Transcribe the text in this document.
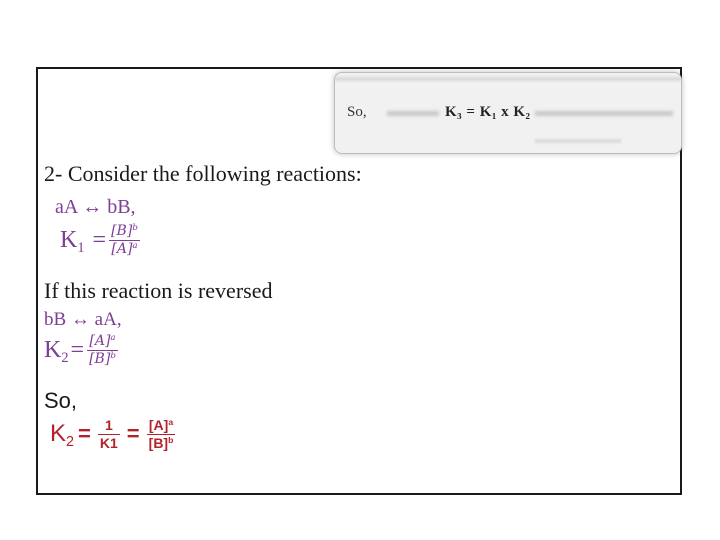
So,	K₃ = K₁ x K₂
2- Consider the following reactions:
aA ↔ bB,
$K_1 = \frac{[B]^b}{[A]^a}$
If this reaction is reversed
bB ↔ aA,
$K_2 = \frac{[A]^a}{[B]^b}$
So,
$K_2 = \frac{1}{K1} = \frac{[A]^a}{[B]^b}$
